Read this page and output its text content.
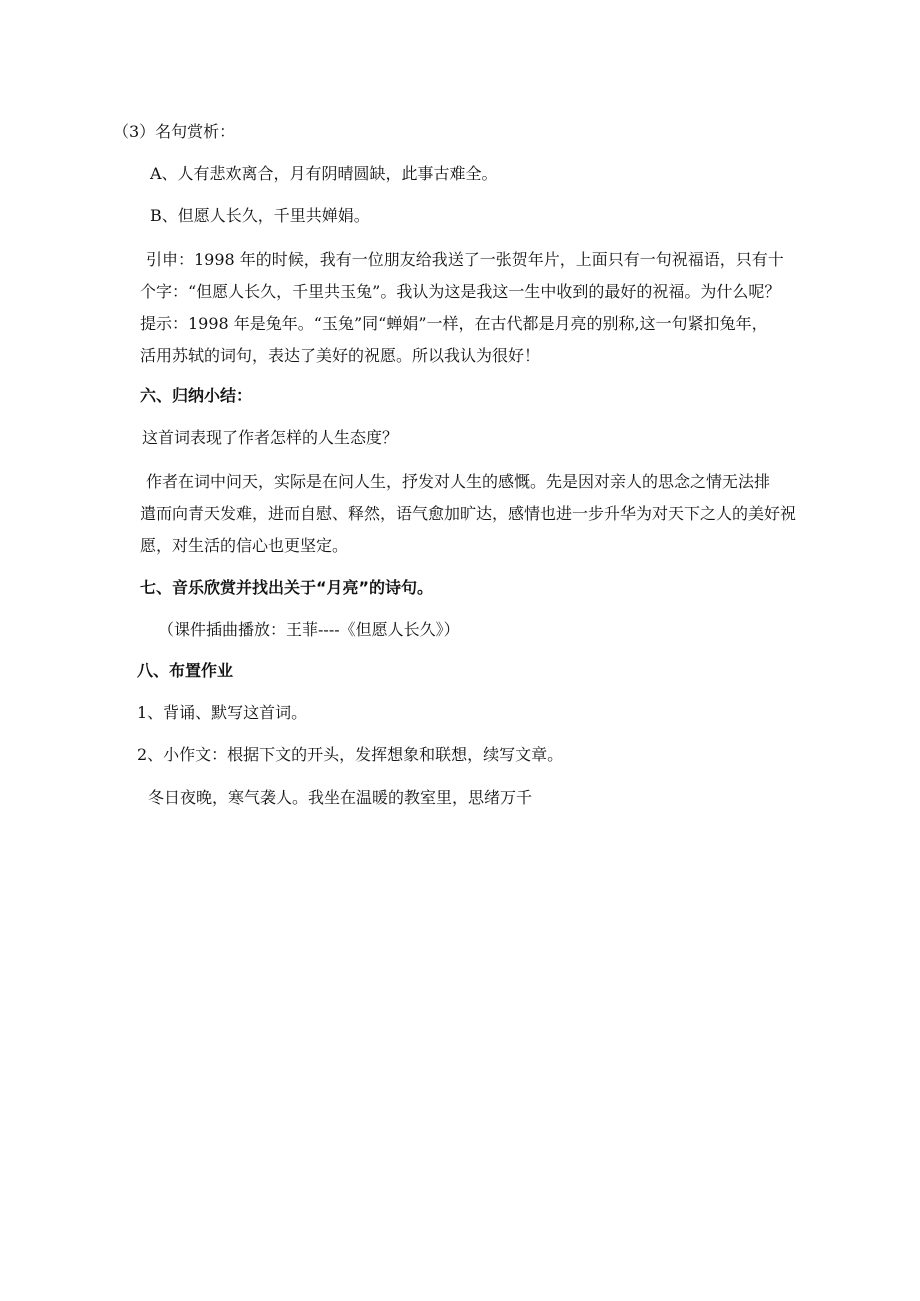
（3）名句赏析：

A、人有悲欢离合，月有阴晴圆缺，此事古难全。

B、但愿人长久，千里共婵娟。

引申：1998 年的时候，我有一位朋友给我送了一张贺年片，上面只有一句祝福语，只有十
个字：“但愿人长久，千里共玉兔”。我认为这是我这一生中收到的最好的祝福。为什么呢？
提示：1998 年是兔年。“玉兔”同“蝉娟”一样，在古代都是月亮的别称,这一句紧扣兔年，
活用苏轼的词句，表达了美好的祝愿。所以我认为很好！

六、归纳小结：

这首词表现了作者怎样的人生态度？

作者在词中问天，实际是在问人生，抒发对人生的感慨。先是因对亲人的思念之情无法排
遣而向青天发难，进而自慰、释然，语气愈加旷达，感情也进一步升华为对天下之人的美好祝
愿，对生活的信心也更坚定。

七、音乐欣赏并找出关于“月亮”的诗句。

（课件插曲播放：王菲----《但愿人长久》）

八、布置作业

1、背诵、默写这首词。

2、小作文：根据下文的开头，发挥想象和联想，续写文章。

冬日夜晚，寒气袭人。我坐在温暖的教室里，思绪万千
